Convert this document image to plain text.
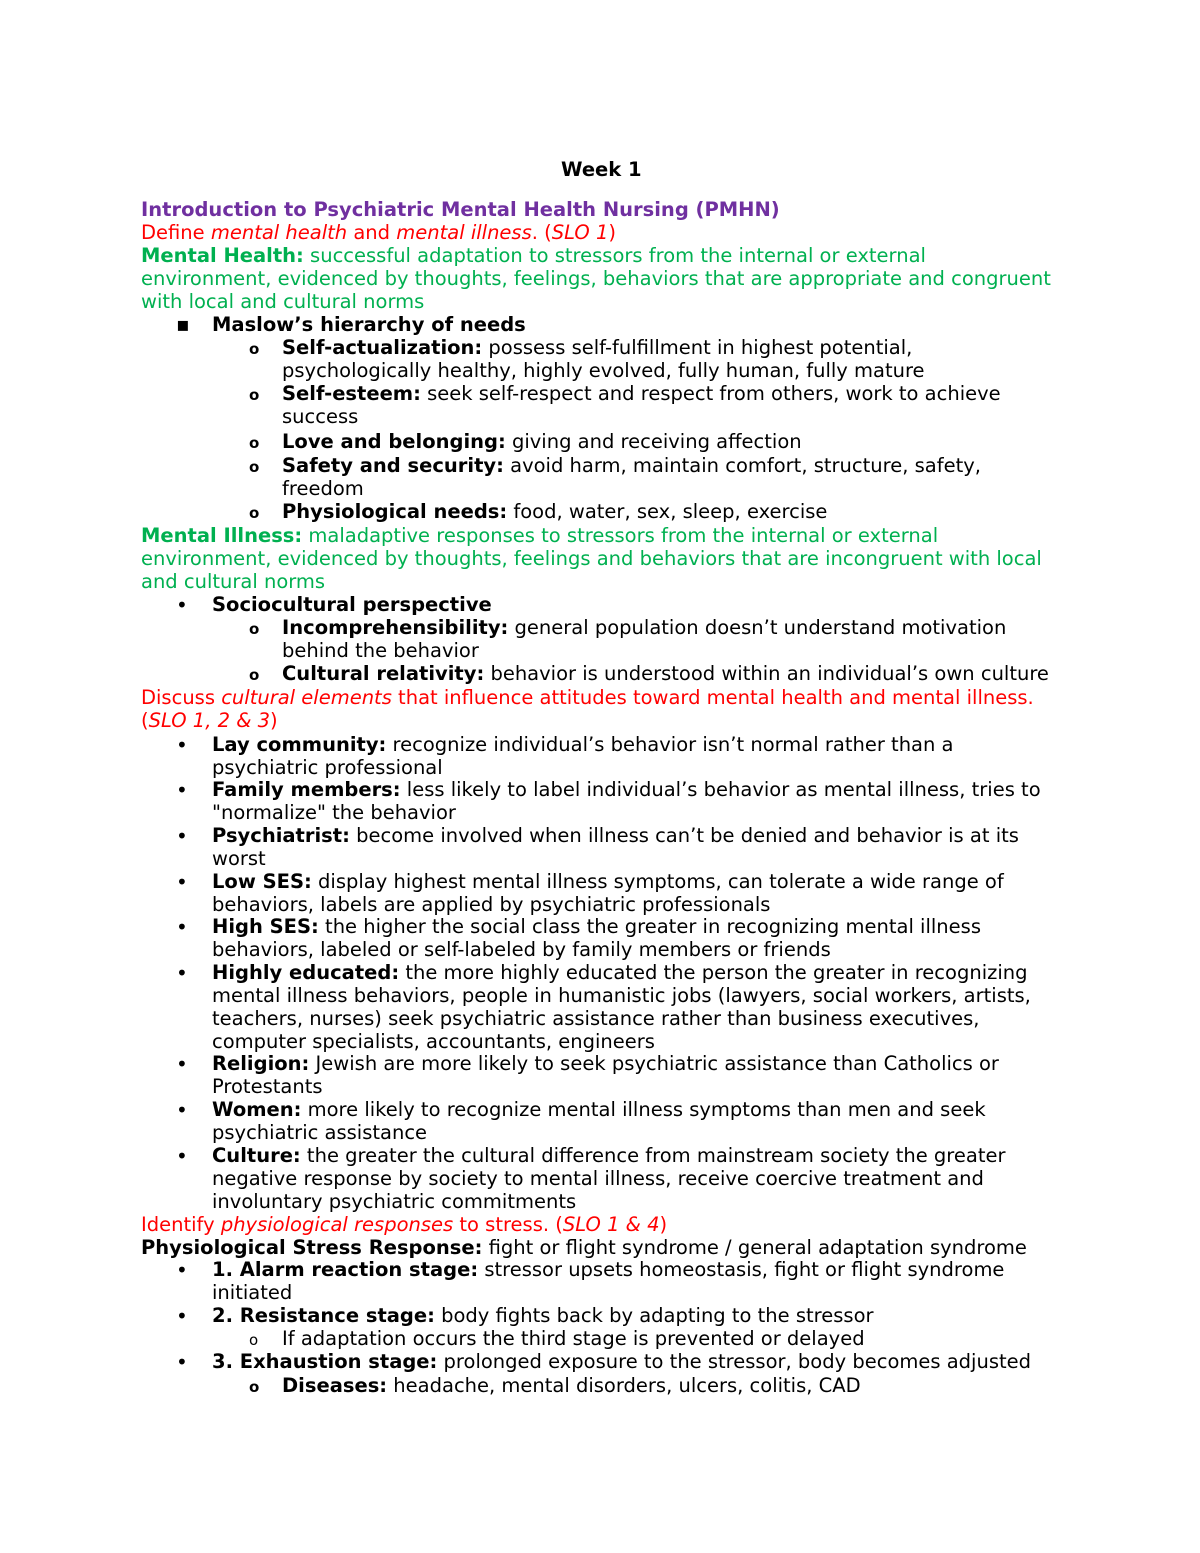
Week 1
Introduction to Psychiatric Mental Health Nursing (PMHN)
Define mental health and mental illness. (SLO 1)
Mental Health: successful adaptation to stressors from the internal or external
environment, evidenced by thoughts, feelings, behaviors that are appropriate and congruent
with local and cultural norms
▪ Maslow’s hierarchy of needs
o Self-actualization: possess self-fulfillment in highest potential,
psychologically healthy, highly evolved, fully human, fully mature
o Self-esteem: seek self-respect and respect from others, work to achieve
success
o Love and belonging: giving and receiving affection
o Safety and security: avoid harm, maintain comfort, structure, safety,
freedom
o Physiological needs: food, water, sex, sleep, exercise
Mental Illness: maladaptive responses to stressors from the internal or external
environment, evidenced by thoughts, feelings and behaviors that are incongruent with local
and cultural norms
• Sociocultural perspective
o Incomprehensibility: general population doesn’t understand motivation
behind the behavior
o Cultural relativity: behavior is understood within an individual’s own culture
Discuss cultural elements that influence attitudes toward mental health and mental illness.
(SLO 1, 2 & 3)
• Lay community: recognize individual’s behavior isn’t normal rather than a
psychiatric professional
• Family members: less likely to label individual’s behavior as mental illness, tries to
"normalize" the behavior
• Psychiatrist: become involved when illness can’t be denied and behavior is at its
worst
• Low SES: display highest mental illness symptoms, can tolerate a wide range of
behaviors, labels are applied by psychiatric professionals
• High SES: the higher the social class the greater in recognizing mental illness
behaviors, labeled or self-labeled by family members or friends
• Highly educated: the more highly educated the person the greater in recognizing
mental illness behaviors, people in humanistic jobs (lawyers, social workers, artists,
teachers, nurses) seek psychiatric assistance rather than business executives,
computer specialists, accountants, engineers
• Religion: Jewish are more likely to seek psychiatric assistance than Catholics or
Protestants
• Women: more likely to recognize mental illness symptoms than men and seek
psychiatric assistance
• Culture: the greater the cultural difference from mainstream society the greater
negative response by society to mental illness, receive coercive treatment and
involuntary psychiatric commitments
Identify physiological responses to stress. (SLO 1 & 4)
Physiological Stress Response: fight or flight syndrome / general adaptation syndrome
• 1. Alarm reaction stage: stressor upsets homeostasis, fight or flight syndrome
initiated
• 2. Resistance stage: body fights back by adapting to the stressor
o If adaptation occurs the third stage is prevented or delayed
• 3. Exhaustion stage: prolonged exposure to the stressor, body becomes adjusted
o Diseases: headache, mental disorders, ulcers, colitis, CAD
